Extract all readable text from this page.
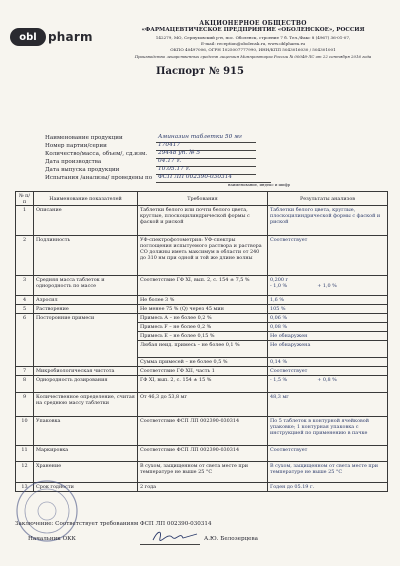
obl pharm
АКЦИОНЕРНОЕ ОБЩЕСТВО
«ФАРМАЦЕВТИЧЕСКОЕ ПРЕДПРИЯТИЕ «ОБОЛЕНСКОЕ», РОССИЯ
142279, МО, Серпуховский р-н, пос. Оболенск, строение 7 б. Тел./Факс 8 (4967) 36-01-07,
E-mail: reception@obolensk.ru, www.oblpharm.ru
ОКПО 40497006, ОГРН 1025007777990, ИНН/КПП 5043016030 / 504301001
Производство лекарственных средств лицензия Минпромторга России № 00048-ЛС от 22 сентября 2016 года
Паспорт № 915
Наименование продукции	Аминазин таблетки 50 мг
Номер партии/серии	170417
Количество/масса, объем/, сд.изм. 29448 уп. № 5
Дата производства	04.17 г.
Дата выпуска продукции	10.05.17 г.
Испытания /анализы/ проведены по ФСП ЛП 002390-030314
наименование, индекс и шифр
№ п/п	Наименование показателей	Требования	Результаты анализов
1	Описание	Таблетки белого или почти белого цвета, круглые, плоскоцилиндрической формы с фаской и риской	Таблетки белого цвета, круглые, плоскоцилиндрической формы с фаской и риской
2	Подлинность	УФ-спектрофотометрия: УФ-спектры поглощения испытуемого раствора и раствора СО должны иметь максимум в области от 240 до 310 нм при одной и той же длине волны	Соответствует
3	Средняя масса таблеток и однородность по массе	Соответствие ГФ XI, вып. 2, с. 154 ± 7,5 %	0,200 г
- 1,0 % + 1,0 %

4	Азросил	Не более 3 %	1,6 %
5	Растворение	Не менее 75 % (Q) через 45 мин	105 %
6	Посторонние примеси	Примесь А – не более 0,2 %	0,06 %
		Примесь F – не более 0,2 %	0,08 %
		Примесь Е – не более 0,15 %	Не обнаружен
		Любая неид. примесь – не более 0,1 %	Не обнаружена
		Сумма примесей – не более 0,5 %	0,14 %
7	Микробиологическая чистота	Соответствие ГФ XII, часть 1	Соответствует
8	Однородность дозирования	ГФ XI, вып. 2, с. 154 ± 15 %	- 1,5 % + 0,8 %
9	Количественное определение, считая на среднюю массу таблетки	От 46,3 до 53,8 мг	48,3 мг
10	Упаковка	Соответствие ФСП ЛП 002390-030314	По 5 таблеток в контурной ячейковой упаковке; 1 контурная упаковка с инструкцией по применению в пачке
11	Маркировка	Соответствие ФСП ЛП 002390-030314	Соответствует
12	Хранение	В сухом, защищенном от света месте при температуре не выше 25 °С	В сухом, защищенном от света месте при температуре не выше 25 °С
13	Срок годности	2 года	Годен до 05.19 г.
Заключение: Соответствует требованиям ФСП ЛП 002390-030314
Начальник ОКК	А.Ю. Белозерцева
